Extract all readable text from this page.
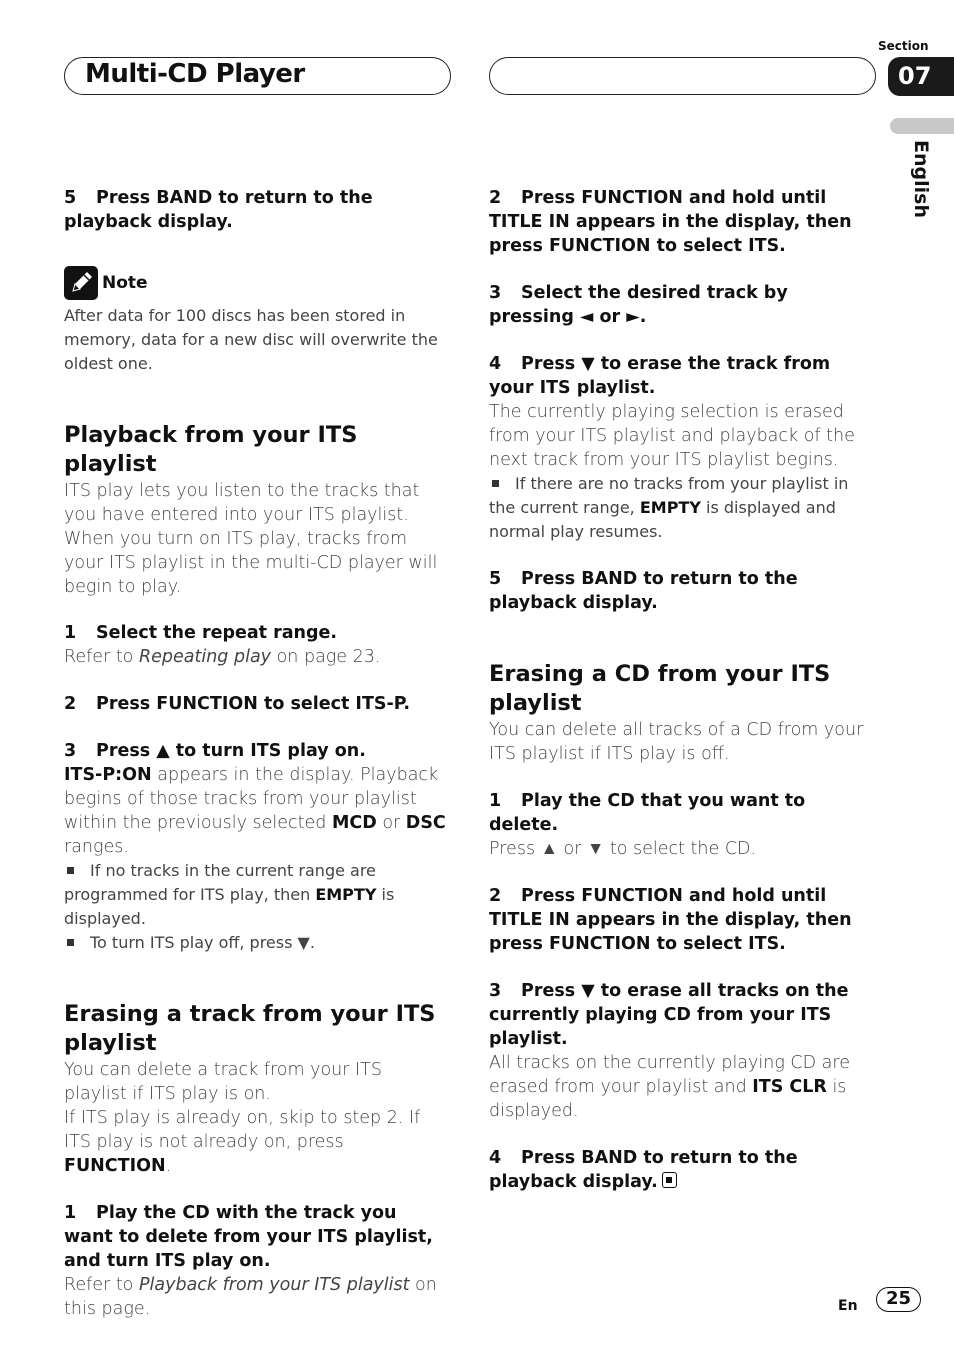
Multi-CD Player
Section
07
English

5 Press BAND to return to the playback display.

Note

After data for 100 discs has been stored in memory, data for a new disc will overwrite the oldest one.

Playback from your ITS playlist

ITS play lets you listen to the tracks that you have entered into your ITS playlist. When you turn on ITS play, tracks from your ITS playlist in the multi-CD player will begin to play.

1 Select the repeat range.

Refer to Repeating play on page 23.

2 Press FUNCTION to select ITS-P.

3 Press ▲ to turn ITS play on.

ITS-P:ON appears in the display. Playback begins of those tracks from your playlist within the previously selected MCD or DSC ranges.

If no tracks in the current range are programmed for ITS play, then EMPTY is displayed.

To turn ITS play off, press ▼.

Erasing a track from your ITS playlist

You can delete a track from your ITS playlist if ITS play is on.

If ITS play is already on, skip to step 2. If ITS play is not already on, press FUNCTION.

1 Play the CD with the track you want to delete from your ITS playlist, and turn ITS play on.

Refer to Playback from your ITS playlist on this page.

2 Press FUNCTION and hold until TITLE IN appears in the display, then press FUNCTION to select ITS.

3 Select the desired track by pressing ◄ or ►.

4 Press ▼ to erase the track from your ITS playlist.

The currently playing selection is erased from your ITS playlist and playback of the next track from your ITS playlist begins.

If there are no tracks from your playlist in the current range, EMPTY is displayed and normal play resumes.

5 Press BAND to return to the playback display.

Erasing a CD from your ITS playlist

You can delete all tracks of a CD from your ITS playlist if ITS play is off.

1 Play the CD that you want to delete.

Press ▲ or ▼ to select the CD.

2 Press FUNCTION and hold until TITLE IN appears in the display, then press FUNCTION to select ITS.

3 Press ▼ to erase all tracks on the currently playing CD from your ITS playlist.

All tracks on the currently playing CD are erased from your playlist and ITS CLR is displayed.

4 Press BAND to return to the playback display.

En	25
